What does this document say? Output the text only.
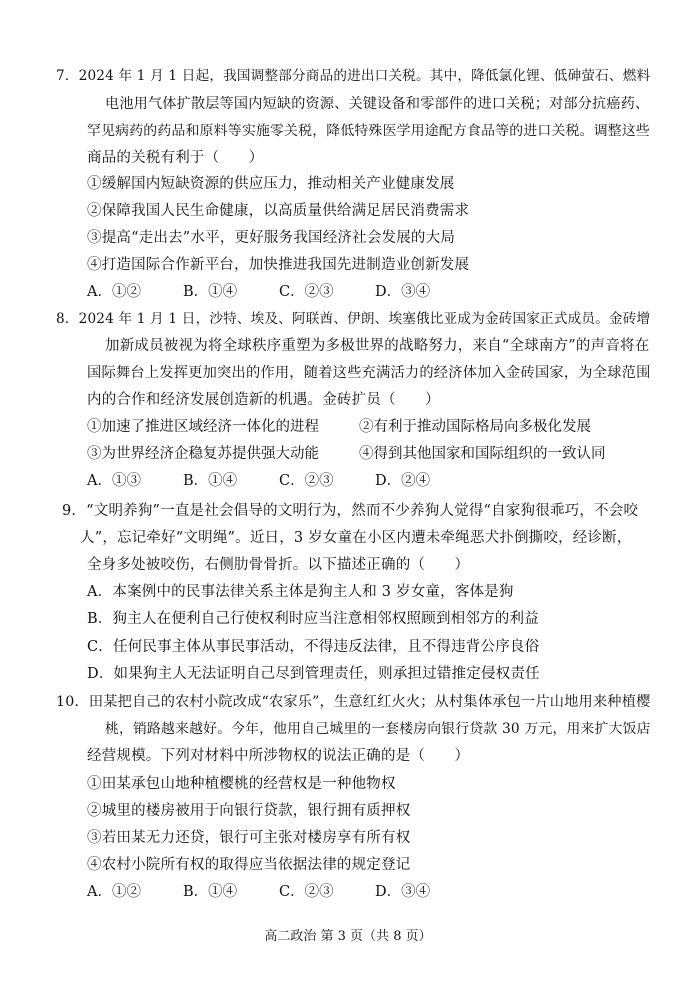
7．2024 年 1 月 1 日起，我国调整部分商品的进出口关税。其中，降低氯化锂、低砷萤石、燃料
电池用气体扩散层等国内短缺的资源、关键设备和零部件的进口关税；对部分抗癌药、
罕见病药的药品和原料等实施零关税，降低特殊医学用途配方食品等的进口关税。调整这些
商品的关税有利于（　　）
①缓解国内短缺资源的供应压力，推动相关产业健康发展
②保障我国人民生命健康，以高质量供给满足居民消费需求
③提高“走出去”水平，更好服务我国经济社会发展的大局
④打造国际合作新平台，加快推进我国先进制造业创新发展
A．①②	B．①④	C．②③	D．③④
8．2024 年 1 月 1 日，沙特、埃及、阿联酋、伊朗、埃塞俄比亚成为金砖国家正式成员。金砖增
加新成员被视为将全球秩序重塑为多极世界的战略努力，来自“全球南方”的声音将在
国际舞台上发挥更加突出的作用，随着这些充满活力的经济体加入金砖国家，为全球范围
内的合作和经济发展创造新的机遇。金砖扩员（　　）
①加速了推进区域经济一体化的进程	②有利于推动国际格局向多极化发展
③为世界经济企稳复苏提供强大动能	④得到其他国家和国际组织的一致认同
A．①③	B．①④	C．②③	D．②④
9．“文明养狗”一直是社会倡导的文明行为，然而不少养狗人觉得“自家狗很乖巧，不会咬
人”，忘记牵好“文明绳”。近日，3 岁女童在小区内遭未牵绳恶犬扑倒撕咬，经诊断，
全身多处被咬伤，右侧肋骨骨折。以下描述正确的（　　）
A．本案例中的民事法律关系主体是狗主人和 3 岁女童，客体是狗
B．狗主人在便利自己行使权利时应当注意相邻权照顾到相邻方的利益
C．任何民事主体从事民事活动，不得违反法律，且不得违背公序良俗
D．如果狗主人无法证明自己尽到管理责任，则承担过错推定侵权责任
10．田某把自己的农村小院改成“农家乐”，生意红红火火；从村集体承包一片山地用来种植樱
桃，销路越来越好。今年，他用自己城里的一套楼房向银行贷款 30 万元，用来扩大饭店
经营规模。下列对材料中所涉物权的说法正确的是（　　）
①田某承包山地种植樱桃的经营权是一种他物权
②城里的楼房被用于向银行贷款，银行拥有质押权
③若田某无力还贷，银行可主张对楼房享有所有权
④农村小院所有权的取得应当依据法律的规定登记
A．①②	B．①④	C．②③	D．③④
高二政治 第 3 页（共 8 页）
